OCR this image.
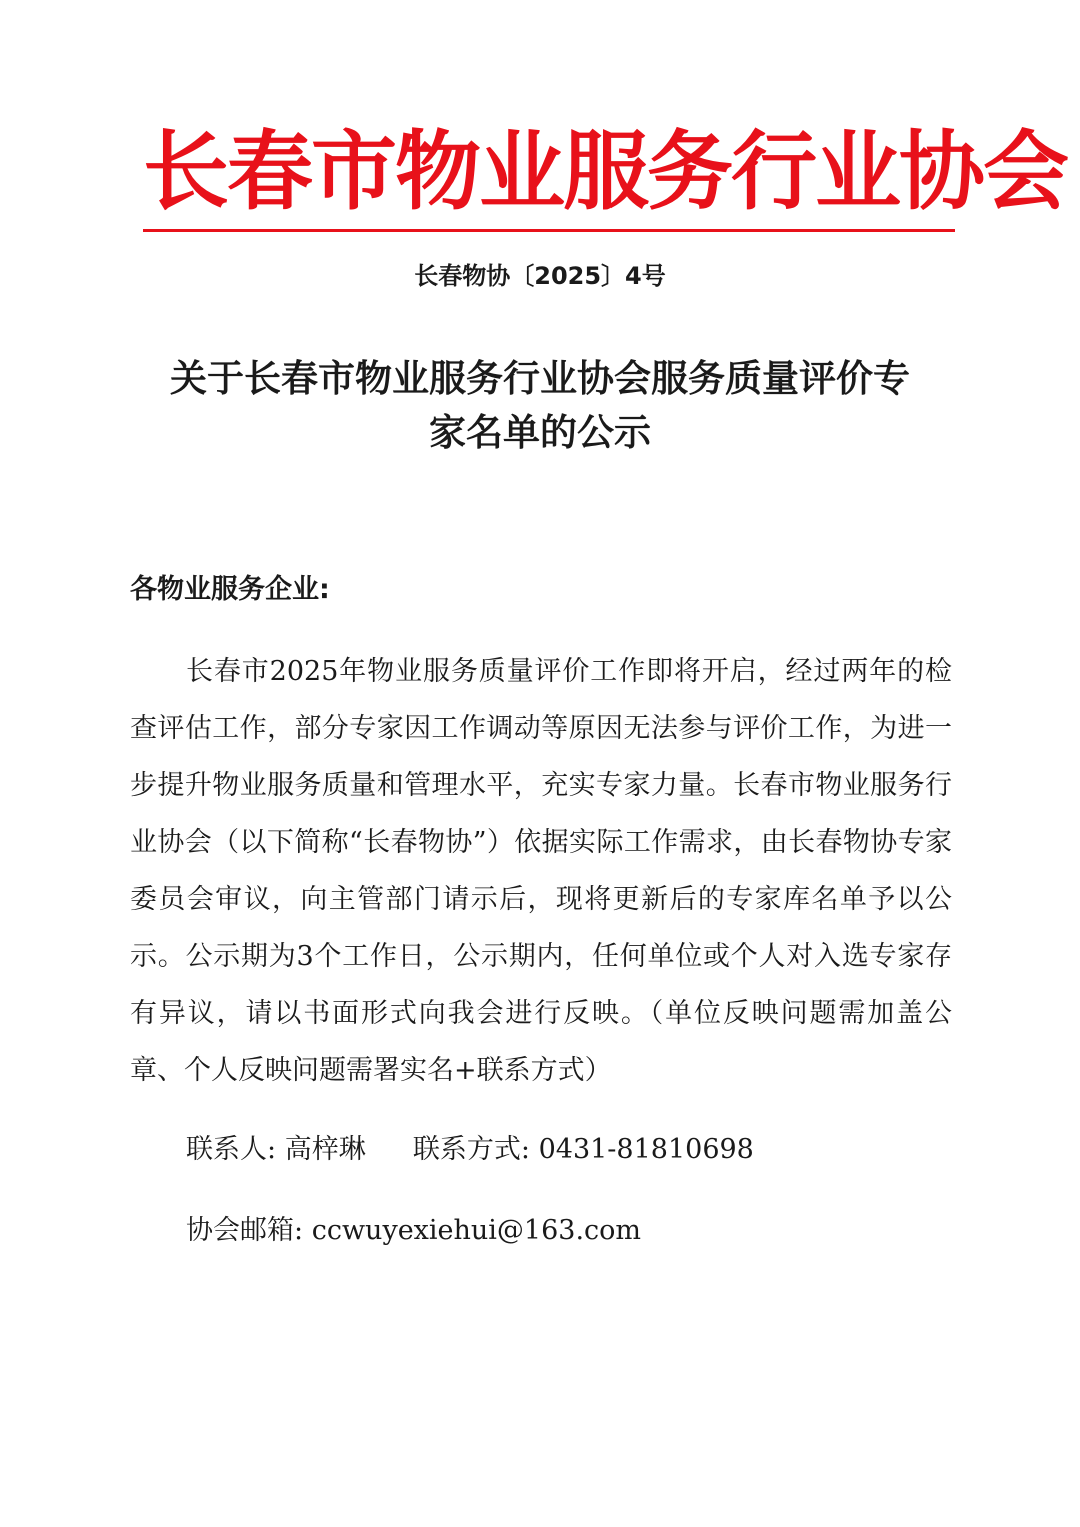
长春市物业服务行业协会
长春物协〔2025〕4号
关于长春市物业服务行业协会服务质量评价专
家名单的公示
各物业服务企业:

长春市2025年物业服务质量评价工作即将开启，经过两年的检查评估工作，部分专家因工作调动等原因无法参与评价工作，为进一步提升物业服务质量和管理水平，充实专家力量。长春市物业服务行业协会（以下简称“长春物协”）依据实际工作需求，由长春物协专家委员会审议，向主管部门请示后，现将更新后的专家库名单予以公示。公示期为3个工作日，公示期内，任何单位或个人对入选专家存有异议，请以书面形式向我会进行反映。（单位反映问题需加盖公章、个人反映问题需署实名+联系方式）

联系人: 高梓琳 联系方式: 0431-81810698
协会邮箱: ccwuyexiehui@163.com
